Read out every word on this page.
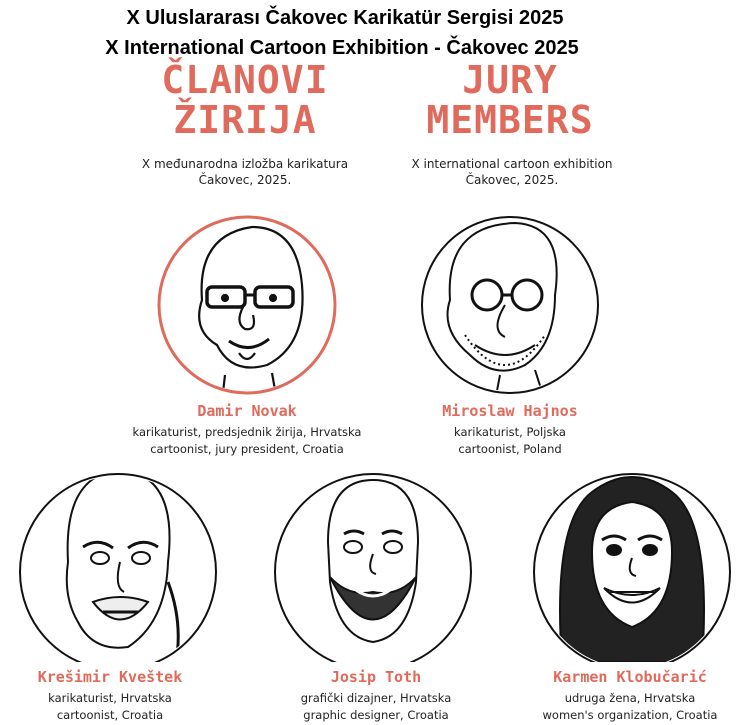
X Uluslararası Čakovec Karikatür Sergisi 2025
X International Cartoon Exhibition - Čakovec 2025
ČLANOVI
ŽIRIJA
JURY
MEMBERS
X međunarodna izložba karikatura
Čakovec, 2025.
X international cartoon exhibition
Čakovec, 2025.
Damir Novak
karikaturist, predsjednik žirija, Hrvatska
cartoonist, jury president, Croatia
Miroslaw Hajnos
karikaturist, Poljska
cartoonist, Poland
Krešimir Kveštek
karikaturist, Hrvatska
cartoonist, Croatia
Josip Toth
grafički dizajner, Hrvatska
graphic designer, Croatia
Karmen Klobučarić
udruga žena, Hrvatska
women's organization, Croatia
